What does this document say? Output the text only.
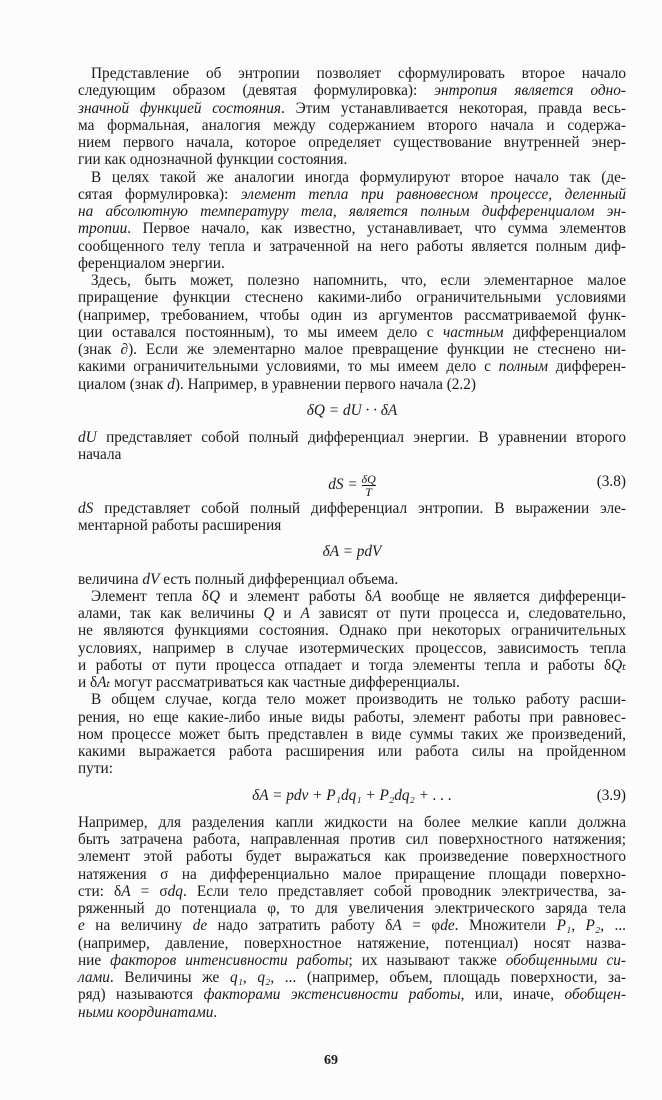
Представление об энтропии позволяет сформулировать второе начало
следующим образом (девятая формулировка): энтропия является одно-
значной функцией состояния. Этим устанавливается некоторая, правда весь-
ма формальная, аналогия между содержанием второго начала и содержа-
нием первого начала, которое определяет существование внутренней энер-
гии как однозначной функции состояния.
В целях такой же аналогии иногда формулируют второе начало так (де-
сятая формулировка): элемент тепла при равновесном процессе, деленный
на абсолютную температуру тела, является полным дифференциалом эн-
тропии. Первое начало, как известно, устанавливает, что сумма элементов
сообщенного телу тепла и затраченной на него работы является полным диф-
ференциалом энергии.
Здесь, быть может, полезно напомнить, что, если элементарное малое
приращение функции стеснено какими-либо ограничительными условиями
(например, требованием, чтобы один из аргументов рассматриваемой функ-
ции оставался постоянным), то мы имеем дело с частным дифференциалом
(знак ∂). Если же элементарно малое превращение функции не стеснено ни-
какими ограничительными условиями, то мы имеем дело с полным дифферен-
циалом (знак d). Например, в уравнении первого начала (2.2)
δQ = dU · · δA
dU представляет собой полный дифференциал энергии. В уравнении второго
начала
dS = $\frac{\delta Q}{T}$	(3.8)
dS представляет собой полный дифференциал энтропии. В выражении эле-
ментарной работы расширения
δA = pdV
величина dV есть полный дифференциал объема.
Элемент тепла δQ и элемент работы δA вообще не является дифференци-
алами, так как величины Q и A зависят от пути процесса и, следовательно,
не являются функциями состояния. Однако при некоторых ограничительных
условиях, например в случае изотермических процессов, зависимость тепла
и работы от пути процесса отпадает и тогда элементы тепла и работы δQₜ
и δAₜ могут рассматриваться как частные дифференциалы.
В общем случае, когда тело может производить не только работу расши-
рения, но еще какие-либо иные виды работы, элемент работы при равновес-
ном процессе может быть представлен в виде суммы таких же произведений,
какими выражается работа расширения или работа силы на пройденном
пути:
δA = pdv + P₁dq₁ + P₂dq₂ + . . .	(3.9)
Например, для разделения капли жидкости на более мелкие капли должна
быть затрачена работа, направленная против сил поверхностного натяжения;
элемент этой работы будет выражаться как произведение поверхностного
натяжения σ на дифференциально малое приращение площади поверхно-
сти: δA = σdq. Если тело представляет собой проводник электричества, за-
ряженный до потенциала φ, то для увеличения электрического заряда тела
e на величину de надо затратить работу δA = φde. Множители P₁, P₂, ...
(например, давление, поверхностное натяжение, потенциал) носят назва-
ние факторов интенсивности работы; их называют также обобщенными си-
лами. Величины же q₁, q₂, ... (например, объем, площадь поверхности, за-
ряд) называются факторами экстенсивности работы, или, иначе, обобщен-
ными координатами.
69
